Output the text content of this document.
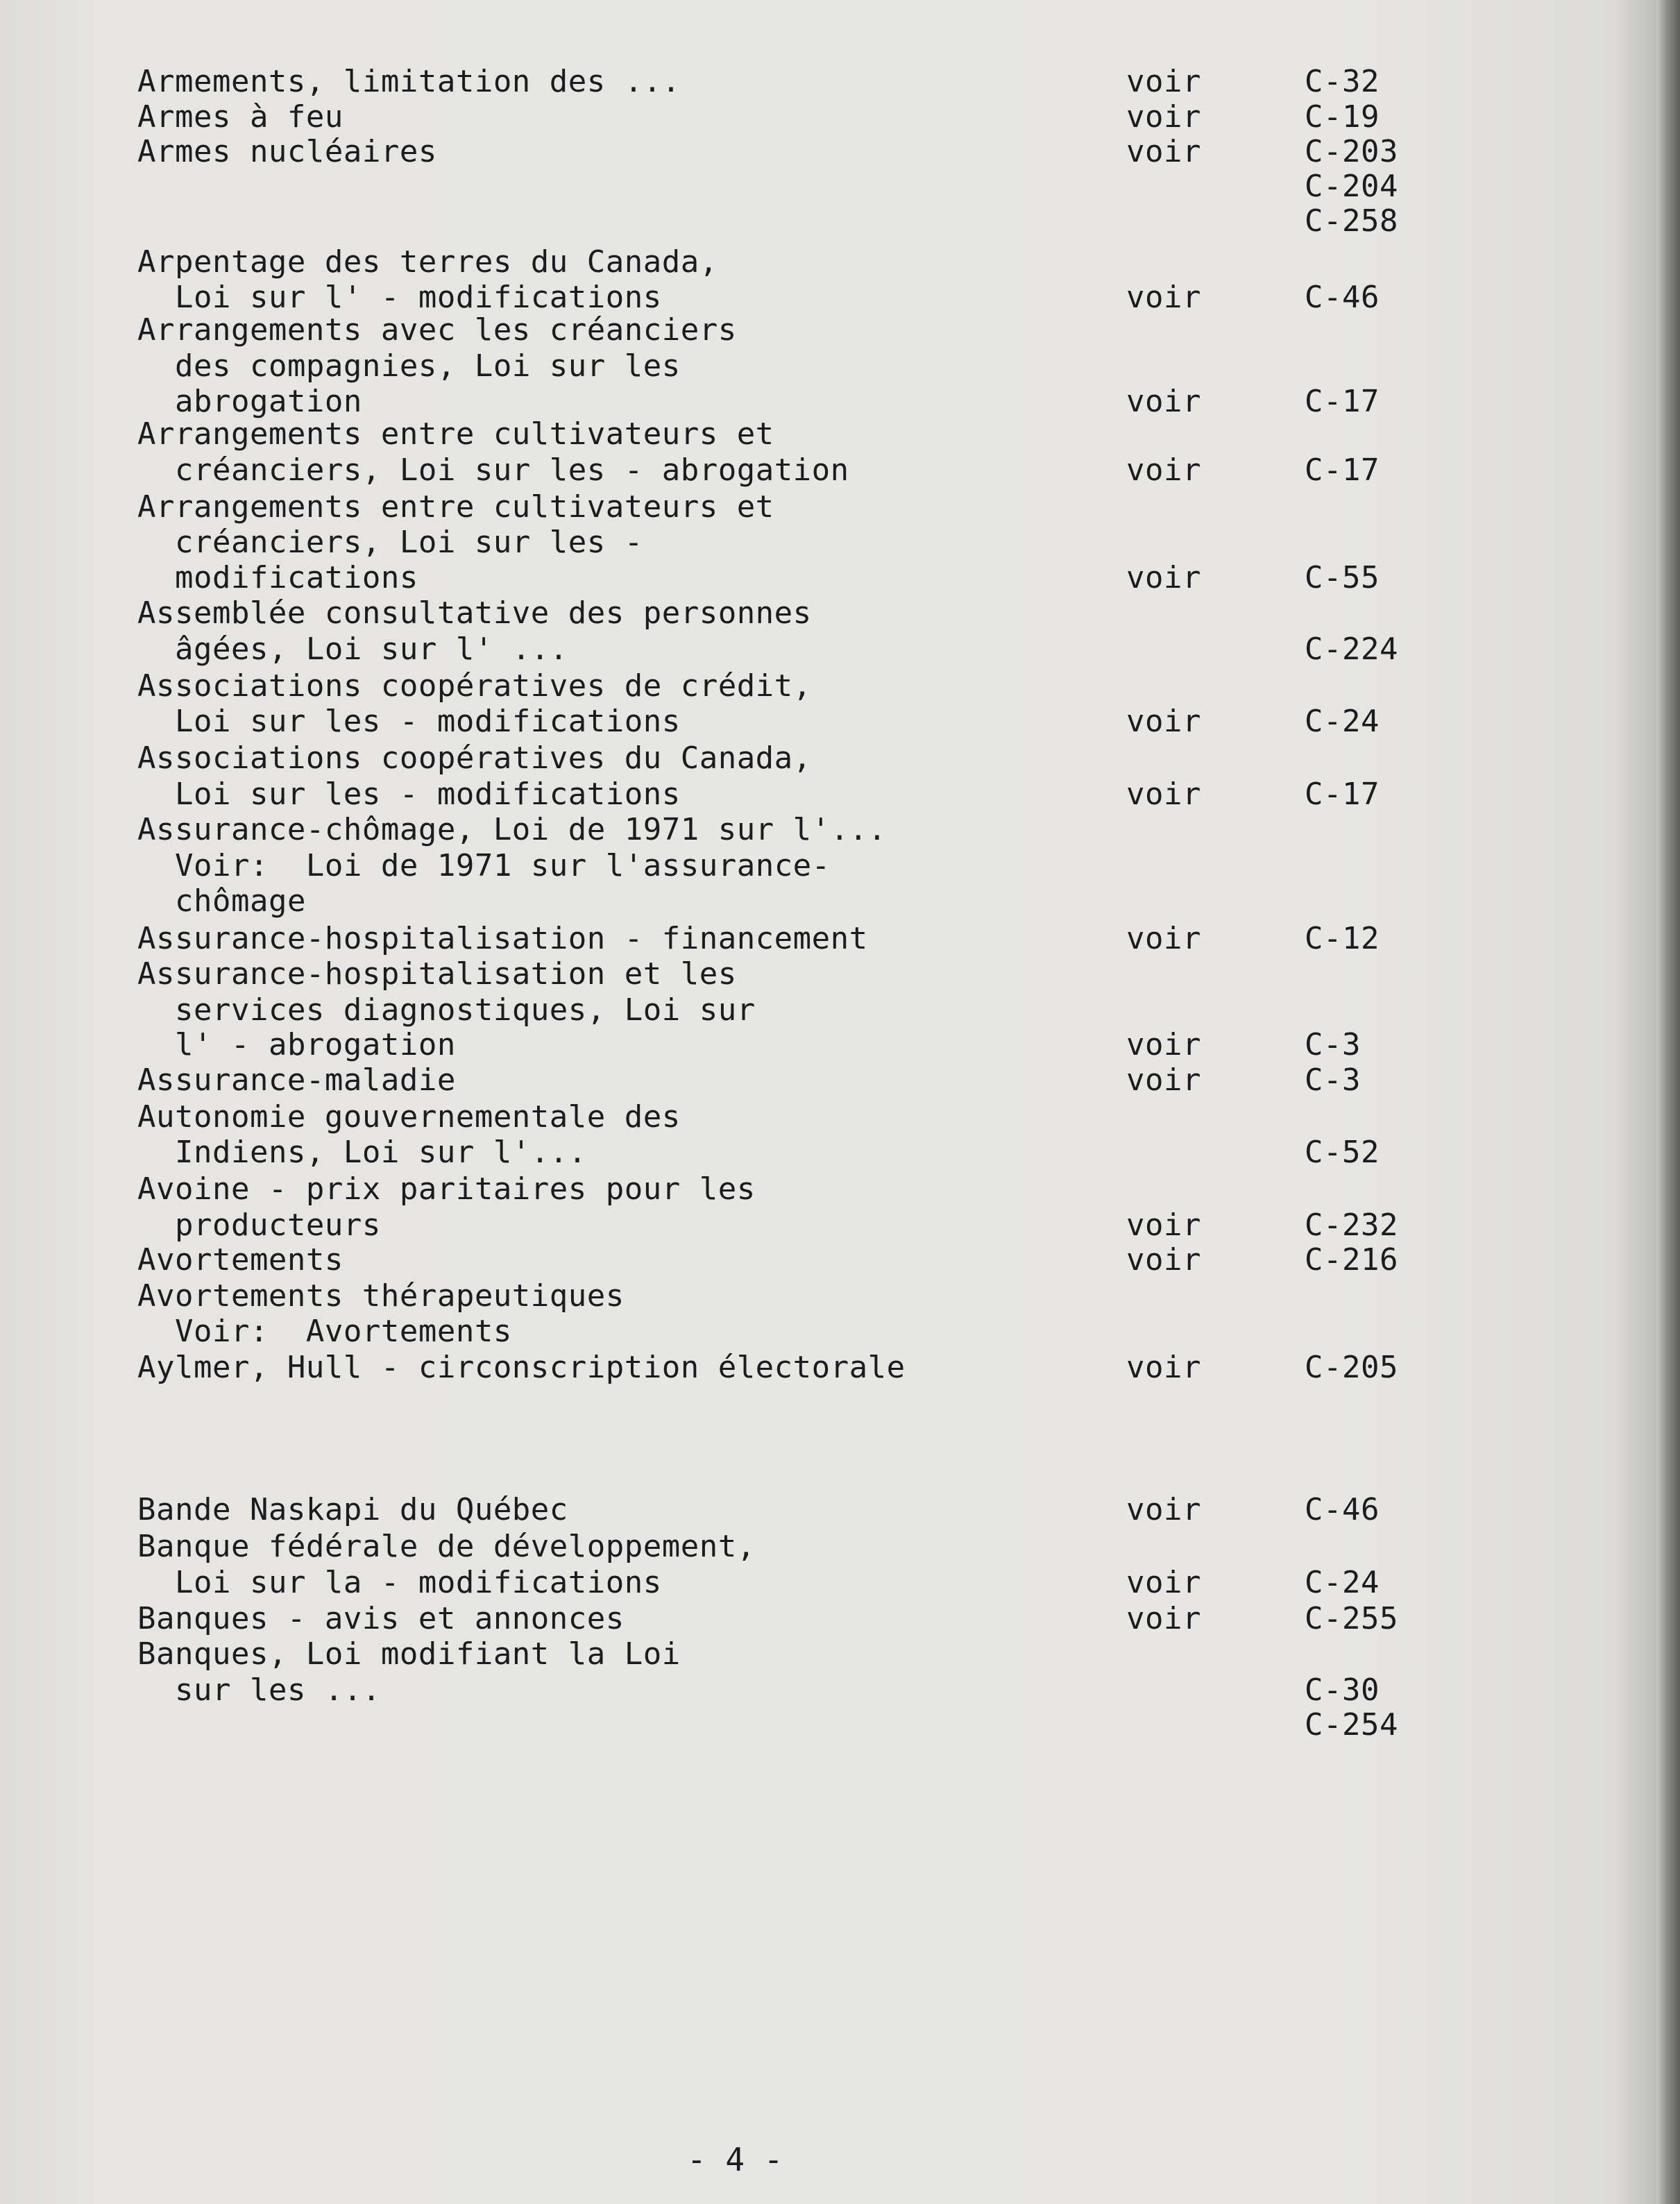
Armements, limitation des ...	voir	C-32
Armes à feu	voir	C-19
Armes nucléaires	voir	C-203
C-204
C-258
Arpentage des terres du Canada,
Loi sur l' - modifications	voir	C-46
Arrangements avec les créanciers
des compagnies, Loi sur les
abrogation	voir	C-17
Arrangements entre cultivateurs et
créanciers, Loi sur les - abrogation	voir	C-17
Arrangements entre cultivateurs et
créanciers, Loi sur les -
modifications	voir	C-55
Assemblée consultative des personnes
âgées, Loi sur l' ...	C-224
Associations coopératives de crédit,
Loi sur les - modifications	voir	C-24
Associations coopératives du Canada,
Loi sur les - modifications	voir	C-17
Assurance-chômage, Loi de 1971 sur l'...
Voir:  Loi de 1971 sur l'assurance-
chômage
Assurance-hospitalisation - financement	voir	C-12
Assurance-hospitalisation et les
services diagnostiques, Loi sur
l' - abrogation	voir	C-3
Assurance-maladie	voir	C-3
Autonomie gouvernementale des
Indiens, Loi sur l'...	C-52
Avoine - prix paritaires pour les
producteurs	voir	C-232
Avortements	voir	C-216
Avortements thérapeutiques
Voir:  Avortements
Aylmer, Hull - circonscription électorale	voir	C-205
Bande Naskapi du Québec	voir	C-46
Banque fédérale de développement,
Loi sur la - modifications	voir	C-24
Banques - avis et annonces	voir	C-255
Banques, Loi modifiant la Loi
sur les ...	C-30
C-254
- 4 -
